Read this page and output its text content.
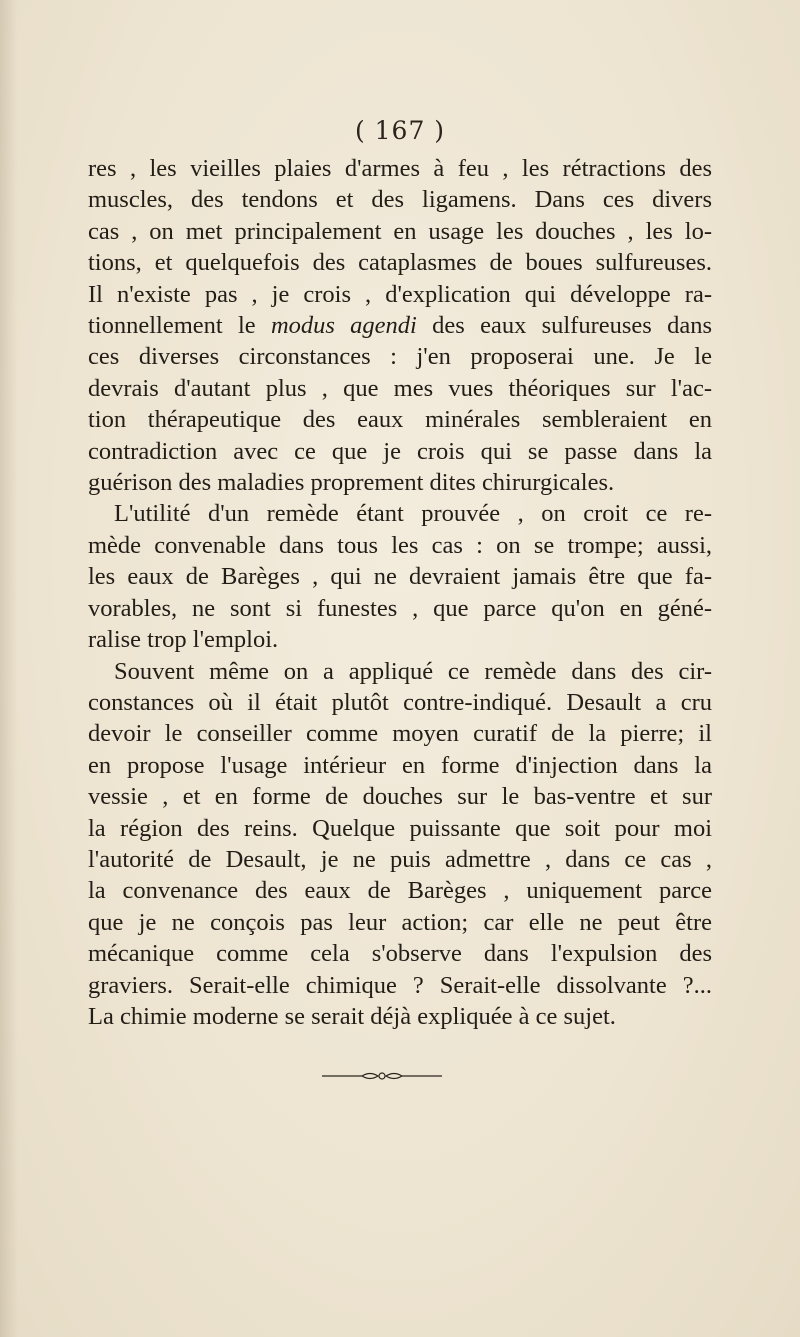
( 167 )
res , les vieilles plaies d'armes à feu , les rétractions des
muscles, des tendons et des ligamens. Dans ces divers
cas , on met principalement en usage les douches , les lo-
tions, et quelquefois des cataplasmes de boues sulfureuses.
Il n'existe pas , je crois , d'explication qui développe ra-
tionnellement le modus agendi des eaux sulfureuses dans
ces diverses circonstances : j'en proposerai une. Je le
devrais d'autant plus , que mes vues théoriques sur l'ac-
tion thérapeutique des eaux minérales sembleraient en
contradiction avec ce que je crois qui se passe dans la
guérison des maladies proprement dites chirurgicales.
L'utilité d'un remède étant prouvée , on croit ce re-
mède convenable dans tous les cas : on se trompe; aussi,
les eaux de Barèges , qui ne devraient jamais être que fa-
vorables, ne sont si funestes , que parce qu'on en géné-
ralise trop l'emploi.
Souvent même on a appliqué ce remède dans des cir-
constances où il était plutôt contre-indiqué. Desault a cru
devoir le conseiller comme moyen curatif de la pierre; il
en propose l'usage intérieur en forme d'injection dans la
vessie , et en forme de douches sur le bas-ventre et sur
la région des reins. Quelque puissante que soit pour moi
l'autorité de Desault, je ne puis admettre , dans ce cas ,
la convenance des eaux de Barèges , uniquement parce
que je ne conçois pas leur action; car elle ne peut être
mécanique comme cela s'observe dans l'expulsion des
graviers. Serait-elle chimique ? Serait-elle dissolvante ?...
La chimie moderne se serait déjà expliquée à ce sujet.
